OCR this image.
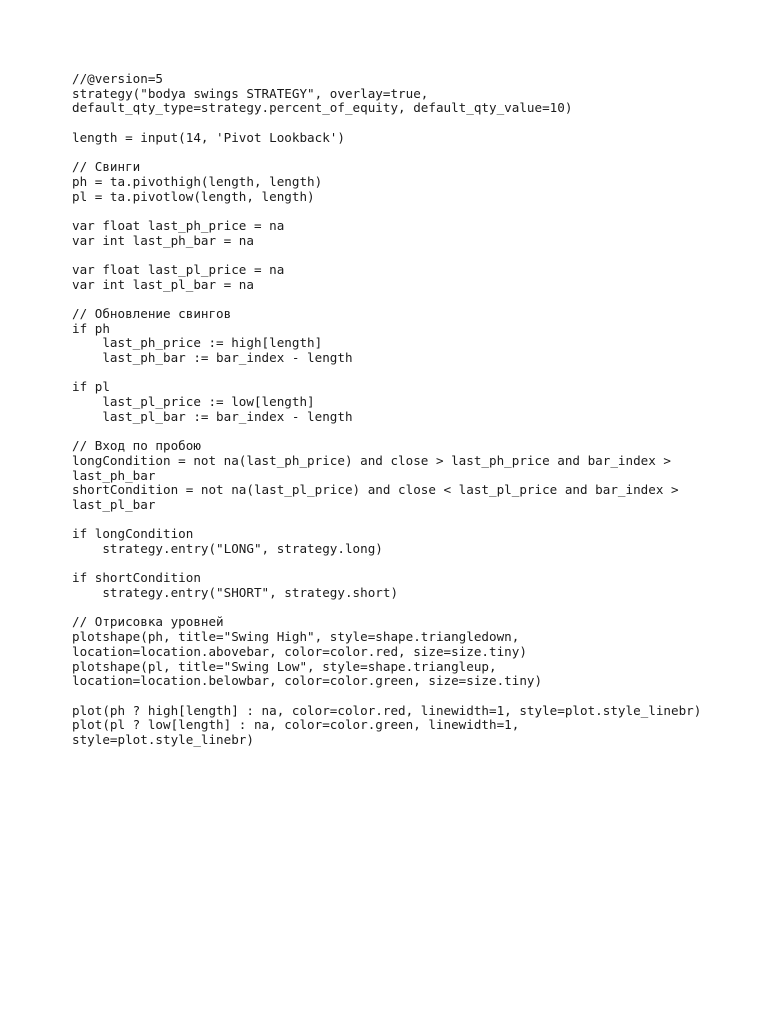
//@version=5
strategy("bodya swings STRATEGY", overlay=true,
default_qty_type=strategy.percent_of_equity, default_qty_value=10)
length = input(14, 'Pivot Lookback')
// Свинги
ph = ta.pivothigh(length, length)
pl = ta.pivotlow(length, length)
var float last_ph_price = na
var int last_ph_bar = na
var float last_pl_price = na
var int last_pl_bar = na
// Обновление свингов
if ph
last_ph_price := high[length]
last_ph_bar := bar_index - length
if pl
last_pl_price := low[length]
last_pl_bar := bar_index - length
// Вход по пробою
longCondition = not na(last_ph_price) and close > last_ph_price and bar_index >
last_ph_bar
shortCondition = not na(last_pl_price) and close < last_pl_price and bar_index >
last_pl_bar
if longCondition
strategy.entry("LONG", strategy.long)
if shortCondition
strategy.entry("SHORT", strategy.short)
// Отрисовка уровней
plotshape(ph, title="Swing High", style=shape.triangledown,
location=location.abovebar, color=color.red, size=size.tiny)
plotshape(pl, title="Swing Low", style=shape.triangleup,
location=location.belowbar, color=color.green, size=size.tiny)
plot(ph ? high[length] : na, color=color.red, linewidth=1, style=plot.style_linebr)
plot(pl ? low[length] : na, color=color.green, linewidth=1,
style=plot.style_linebr)
